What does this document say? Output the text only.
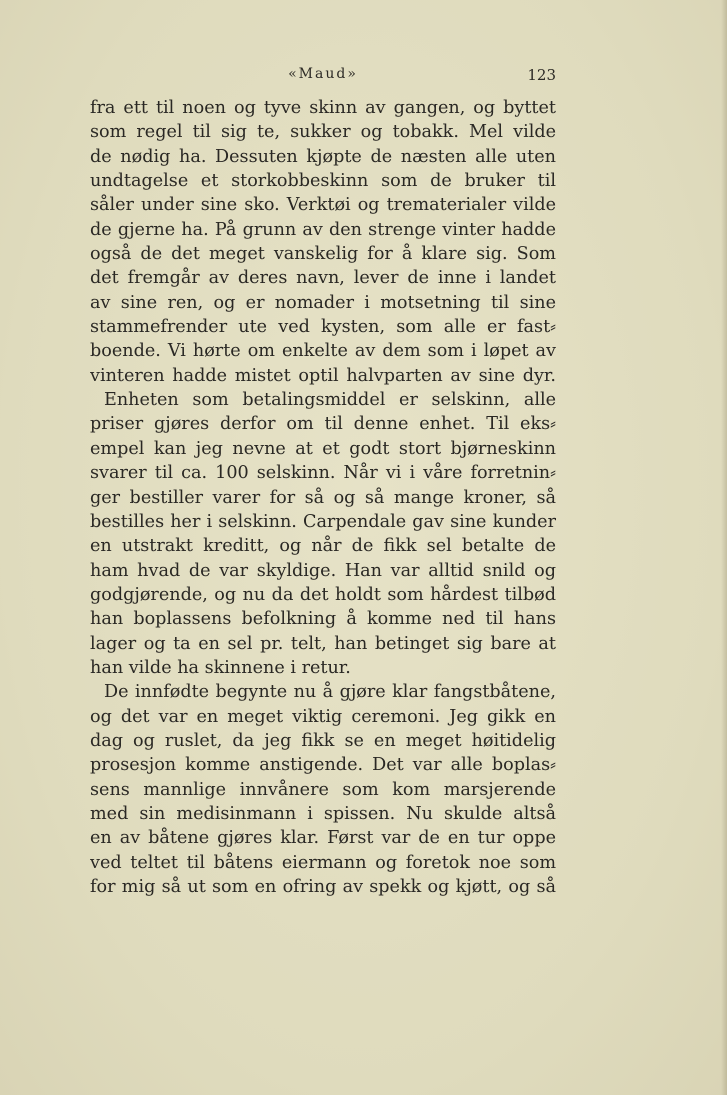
«Maud»	123
fra ett til noen og tyve skinn av gangen, og byttet
som regel til sig te, sukker og tobakk. Mel vilde
de nødig ha. Dessuten kjøpte de næsten alle uten
undtagelse et storkobbeskinn som de bruker til
såler under sine sko. Verktøi og trematerialer vilde
de gjerne ha. På grunn av den strenge vinter hadde
også de det meget vanskelig for å klare sig. Som
det fremgår av deres navn, lever de inne i landet
av sine ren, og er nomader i motsetning til sine
stammefrender ute ved kysten, som alle er fast⸗
boende. Vi hørte om enkelte av dem som i løpet av
vinteren hadde mistet optil halvparten av sine dyr.
Enheten som betalingsmiddel er selskinn, alle
priser gjøres derfor om til denne enhet. Til eks⸗
empel kan jeg nevne at et godt stort bjørneskinn
svarer til ca. 100 selskinn. Når vi i våre forretnin⸗
ger bestiller varer for så og så mange kroner, så
bestilles her i selskinn. Carpendale gav sine kunder
en utstrakt kreditt, og når de fikk sel betalte de
ham hvad de var skyldige. Han var alltid snild og
godgjørende, og nu da det holdt som hårdest tilbød
han boplassens befolkning å komme ned til hans
lager og ta en sel pr. telt, han betinget sig bare at
han vilde ha skinnene i retur.
De innfødte begynte nu å gjøre klar fangstbåtene,
og det var en meget viktig ceremoni. Jeg gikk en
dag og ruslet, da jeg fikk se en meget høitidelig
prosesjon komme anstigende. Det var alle boplas⸗
sens mannlige innvånere som kom marsjerende
med sin medisinmann i spissen. Nu skulde altså
en av båtene gjøres klar. Først var de en tur oppe
ved teltet til båtens eiermann og foretok noe som
for mig så ut som en ofring av spekk og kjøtt, og så
